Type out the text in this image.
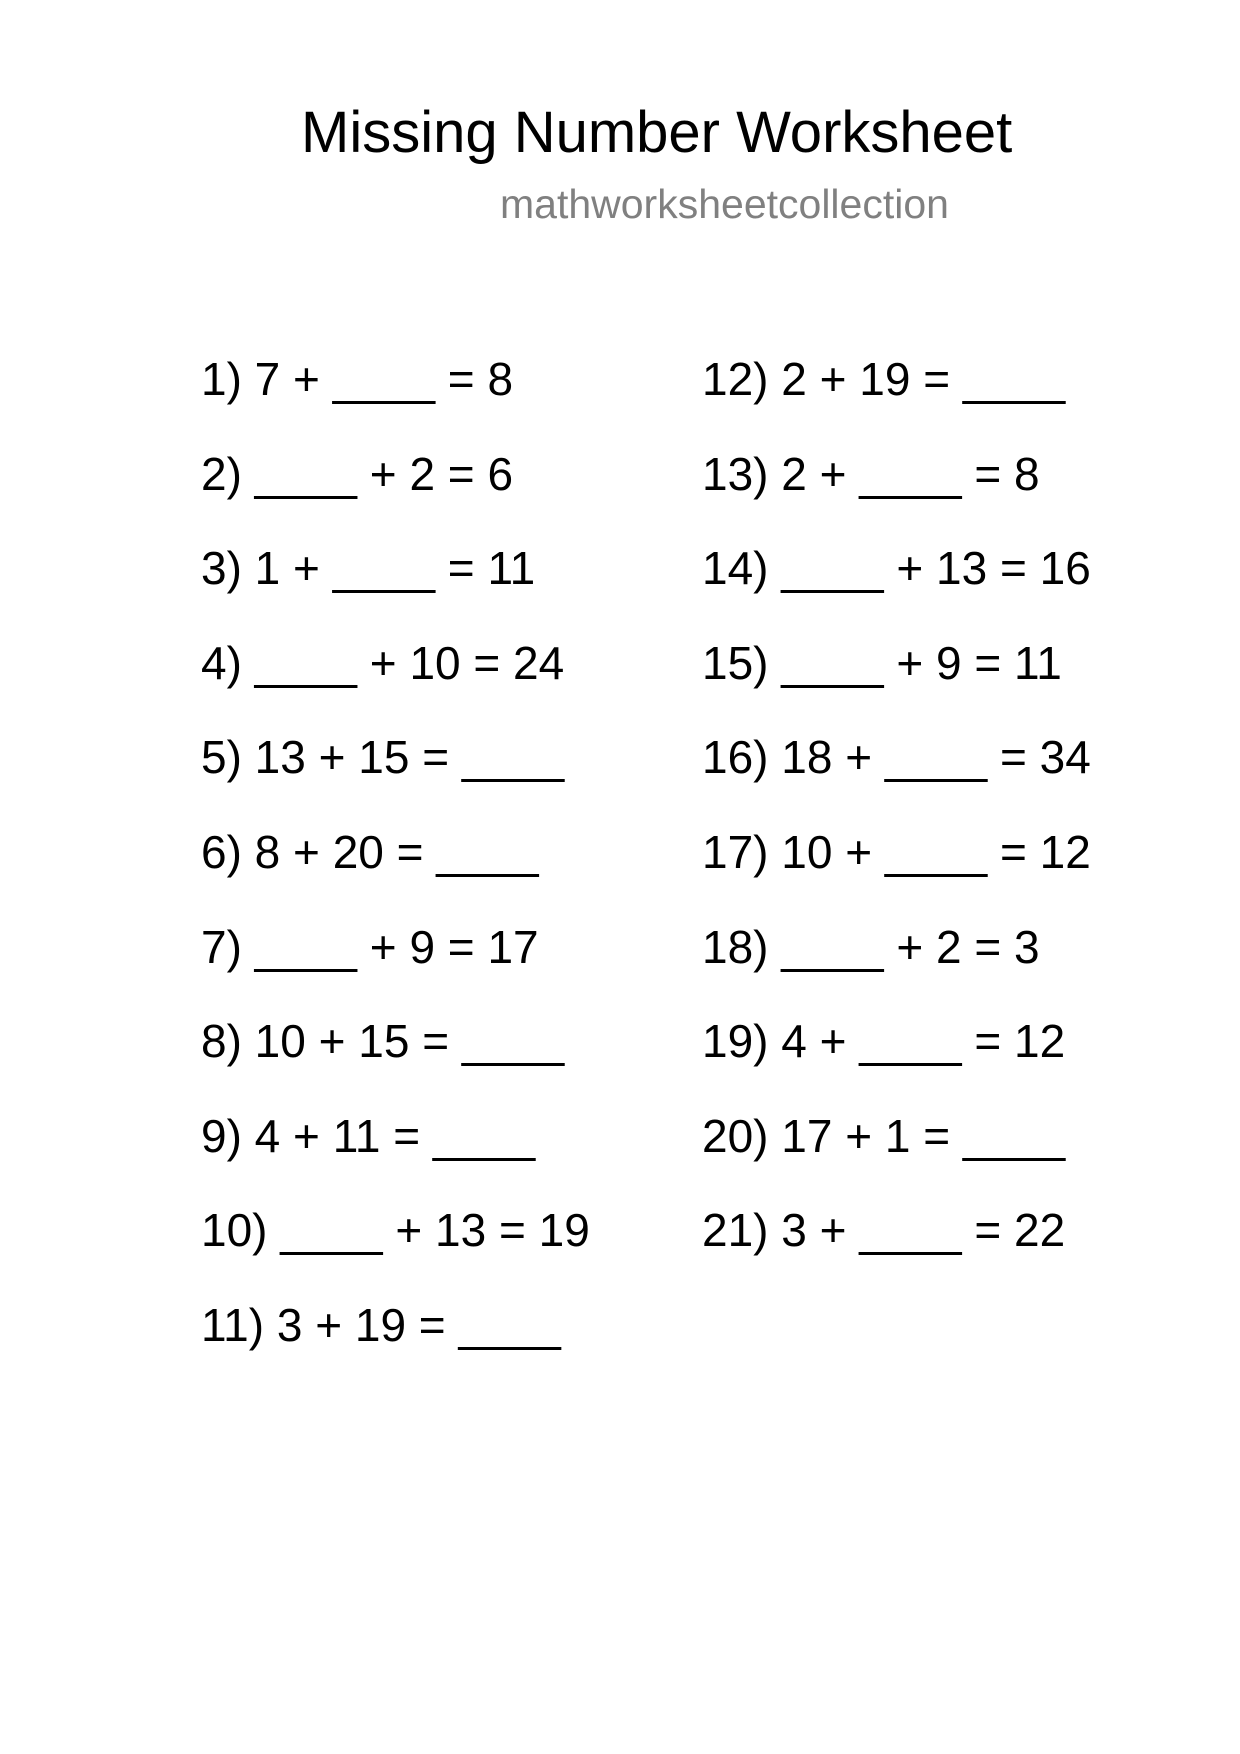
Missing Number Worksheet
mathworksheetcollection
1) 7 + ____ = 8
2) ____ + 2 = 6
3) 1 + ____ = 11
4) ____ + 10 = 24
5) 13 + 15 = ____
6) 8 + 20 = ____
7) ____ + 9 = 17
8) 10 + 15 = ____
9) 4 + 11 = ____
10) ____ + 13 = 19
11) 3 + 19 = ____
12) 2 + 19 = ____
13) 2 + ____ = 8
14) ____ + 13 = 16
15) ____ + 9 = 11
16) 18 + ____ = 34
17) 10 + ____ = 12
18) ____ + 2 = 3
19) 4 + ____ = 12
20) 17 + 1 = ____
21) 3 + ____ = 22
